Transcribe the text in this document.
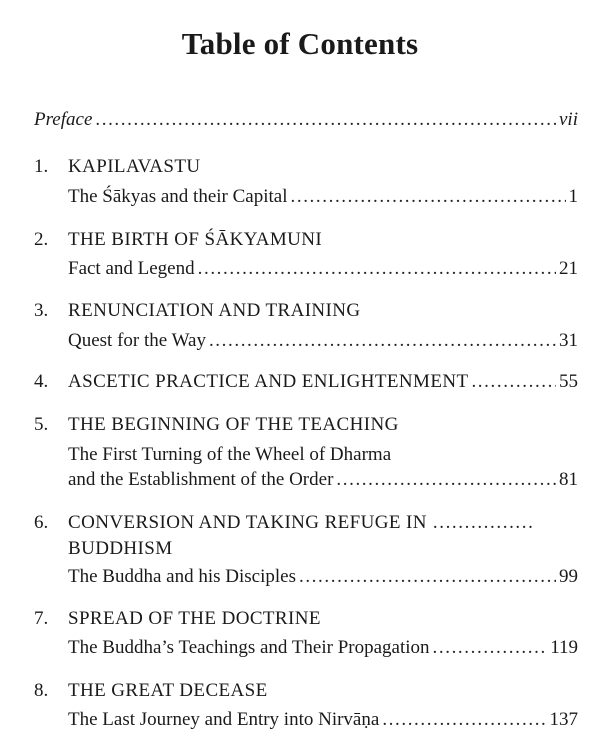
Table of Contents
Preface .....	vii
1.	KAPILAVASTU
The Śākyas and their Capital .....	1
2.	THE BIRTH OF ŚĀKYAMUNI
Fact and Legend .....	21
3.	RENUNCIATION AND TRAINING
Quest for the Way .....	31
4.	ASCETIC PRACTICE AND ENLIGHTENMENT .....	55
5.	THE BEGINNING OF THE TEACHING
The First Turning of the Wheel of Dharma
and the Establishment of the Order .....	81
6.	CONVERSION AND TAKING REFUGE IN
.....
BUDDHISM
The Buddha and his Disciples .....	99
7.	SPREAD OF THE DOCTRINE
The Buddha’s Teachings and Their Propagation .....	119
8.	THE GREAT DECEASE
The Last Journey and Entry into Nirvāṇa .....	137
